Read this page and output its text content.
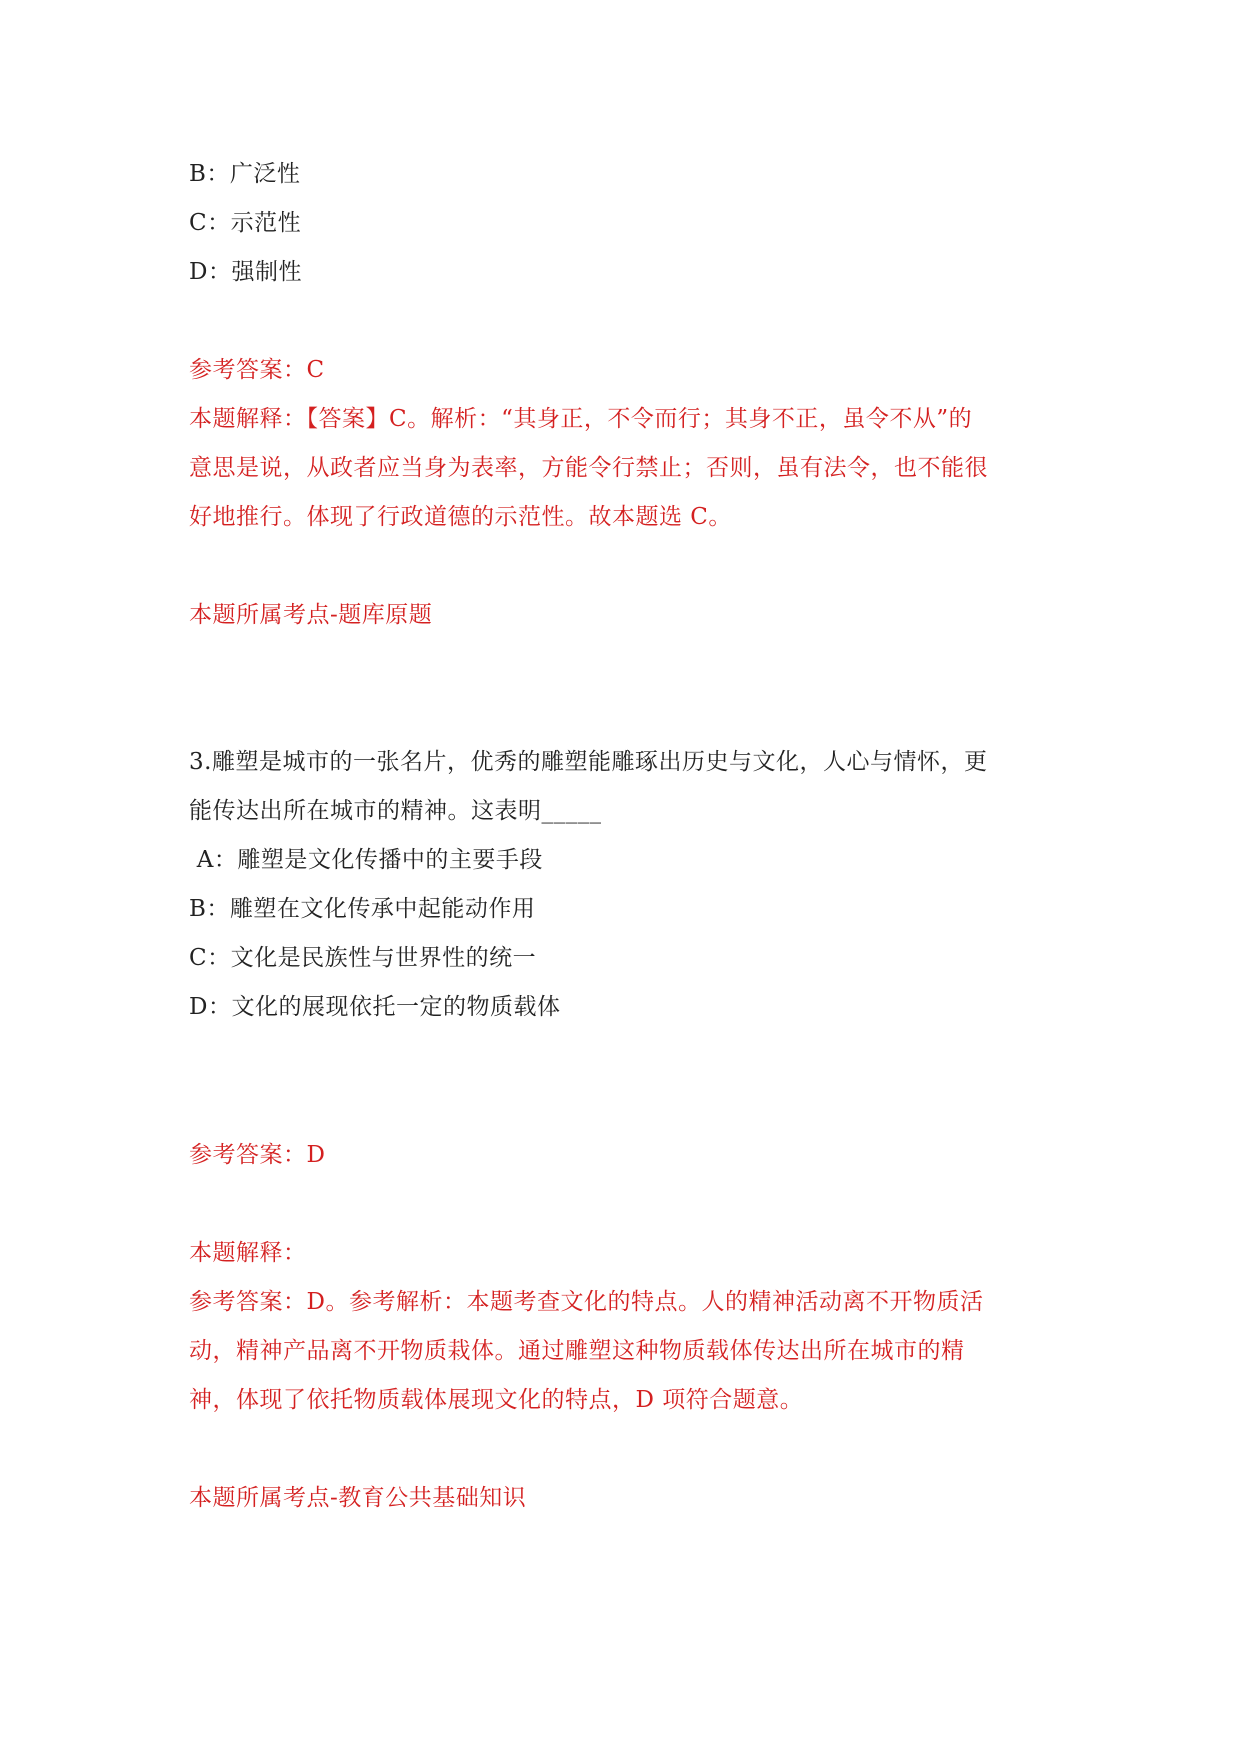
B：广泛性
C：示范性
D：强制性
参考答案：C
本题解释：【答案】C。解析：“其身正，不令而行；其身不正，虽令不从”的
意思是说，从政者应当身为表率，方能令行禁止；否则，虽有法令，也不能很
好地推行。体现了行政道德的示范性。故本题选 C。
本题所属考点-题库原题
3.雕塑是城市的一张名片，优秀的雕塑能雕琢出历史与文化，人心与情怀，更
能传达出所在城市的精神。这表明_____
A：雕塑是文化传播中的主要手段
B：雕塑在文化传承中起能动作用
C：文化是民族性与世界性的统一
D：文化的展现依托一定的物质载体
参考答案：D
本题解释：
参考答案：D。参考解析：本题考查文化的特点。人的精神活动离不开物质活
动，精神产品离不开物质栽体。通过雕塑这种物质载体传达出所在城市的精
神，体现了依托物质载体展现文化的特点，D 项符合题意。
本题所属考点-教育公共基础知识
